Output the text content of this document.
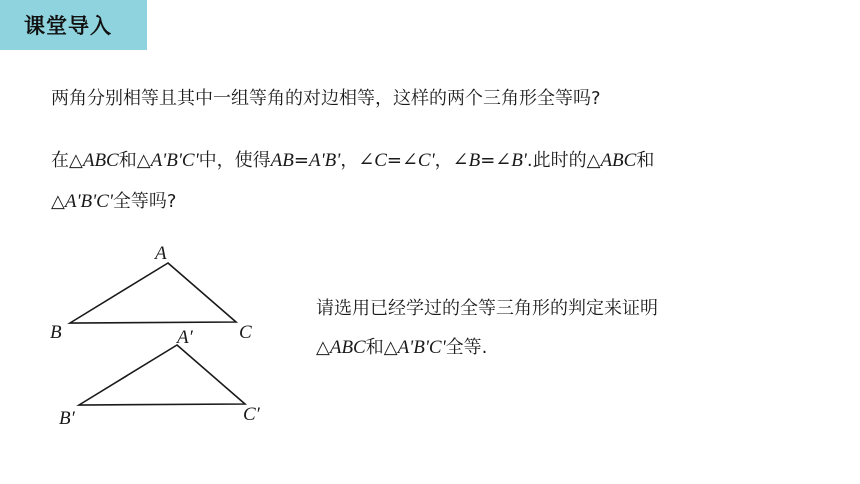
课堂导入
两角分别相等且其中一组等角的对边相等，这样的两个三角形全等吗?
在△ABC和△A'B'C'中，使得AB=A'B'，∠C=∠C'，∠B=∠B'.此时的△ABC和
△A'B'C'全等吗?
A
B	C
A′
B′	C′
请选用已经学过的全等三角形的判定来证明
△ABC和△A'B'C'全等.
